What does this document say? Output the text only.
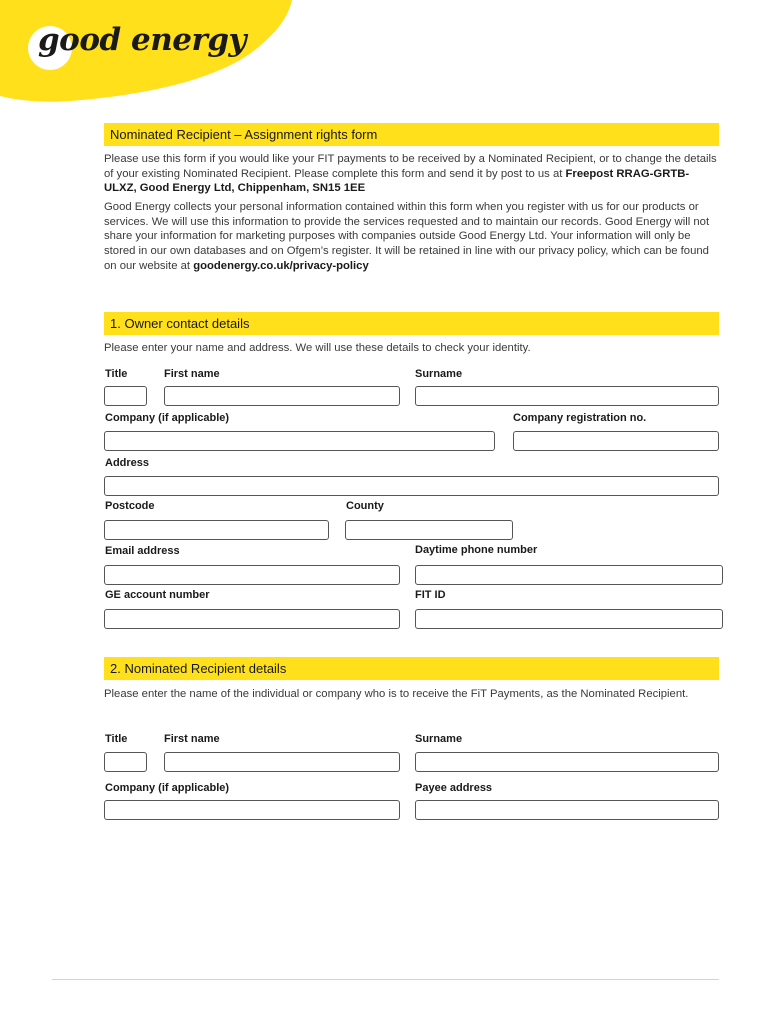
good energy
Nominated Recipient – Assignment rights form

Please use this form if you would like your FIT payments to be received by a Nominated Recipient, or to change the details of your existing Nominated Recipient. Please complete this form and send it by post to us at Freepost RRAG-GRTB-ULXZ, Good Energy Ltd, Chippenham, SN15 1EE

Good Energy collects your personal information contained within this form when you register with us for our products or services. We will use this information to provide the services requested and to maintain our records. Good Energy will not share your information for marketing purposes with companies outside Good Energy Ltd. Your information will only be stored in our own databases and on Ofgem’s register. It will be retained in line with our privacy policy, which can be found on our website at goodenergy.co.uk/privacy-policy

1. Owner contact details

Please enter your name and address. We will use these details to check your identity.

Title	First name	Surname
Company (if applicable)	Company registration no.
Address
Postcode	County
Email address	Daytime phone number
GE account number	FIT ID
2. Nominated Recipient details

Please enter the name of the individual or company who is to receive the FiT Payments, as the Nominated Recipient.

Title	First name	Surname
Company (if applicable)	Payee address
